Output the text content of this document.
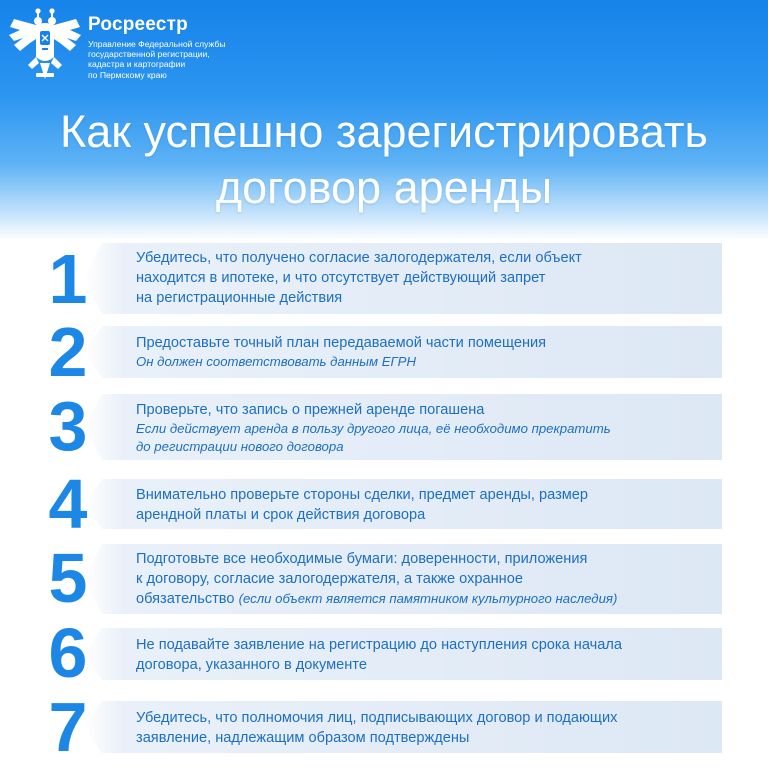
Росреестр
Управление Федеральной службы
государственной регистрации,
кадастра и картографии
по Пермскому краю
Как успешно зарегистрировать
договор аренды
1	Убедитесь, что получено согласие залогодержателя, если объект
находится в ипотеке, и что отсутствует действующий запрет
на регистрационные действия
2	Предоставьте точный план передаваемой части помещения
Он должен соответствовать данным ЕГРН
3	Проверьте, что запись о прежней аренде погашена
Если действует аренда в пользу другого лица, её необходимо прекратить
до регистрации нового договора
4	Внимательно проверьте стороны сделки, предмет аренды, размер
арендной платы и срок действия договора
5	Подготовьте все необходимые бумаги: доверенности, приложения
к договору, согласие залогодержателя, а также охранное
обязательство (если объект является памятником культурного наследия)
6	Не подавайте заявление на регистрацию до наступления срока начала
договора, указанного в документе
7	Убедитесь, что полномочия лиц, подписывающих договор и подающих
заявление, надлежащим образом подтверждены
